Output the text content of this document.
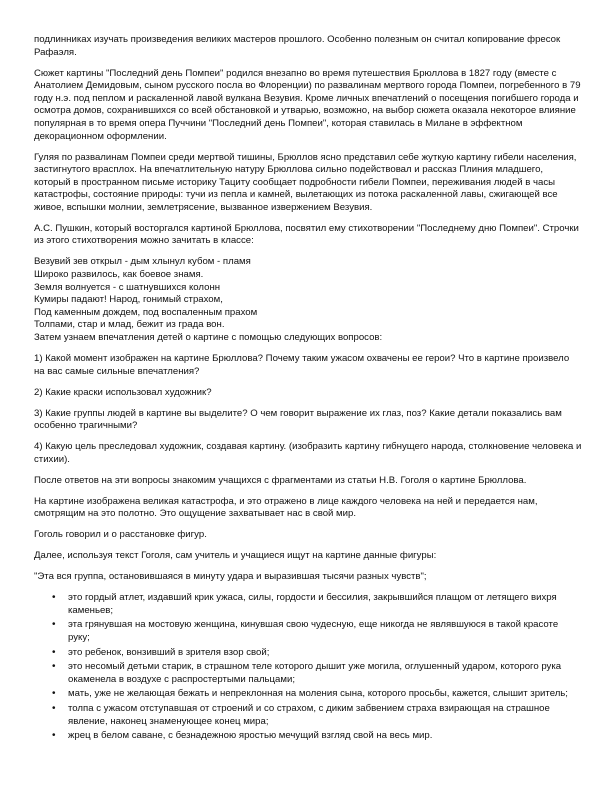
подлинниках изучать произведения великих мастеров прошлого. Особенно полезным он считал копирование фресок Рафаэля.

Сюжет картины "Последний день Помпеи" родился внезапно во время путешествия Брюллова в 1827 году (вместе с Анатолием Демидовым, сыном русского посла во Флоренции) по развалинам мертвого города Помпеи, погребенного в 79 году н.э. под пеплом и раскаленной лавой вулкана Везувия. Кроме личных впечатлений о посещения погибшего города и осмотра домов, сохранившихся со всей обстановкой и утварью, возможно, на выбор сюжета оказала некоторое влияние популярная в то время опера Пуччини "Последний день Помпеи", которая ставилась в Милане в эффектном декорационном оформлении.

Гуляя по развалинам Помпеи среди мертвой тишины, Брюллов ясно представил себе жуткую картину гибели населения, застигнутого врасплох. На впечатлительную натуру Брюллова сильно подействовал и рассказ Плиния младшего, который в пространном письме историку Тациту сообщает подробности гибели Помпеи, переживания людей в часы катастрофы, состояние природы: тучи из пепла и камней, вылетающих из потока раскаленной лавы, сжигающей все живое, вспышки молнии, землетрясение, вызванное извержением Везувия.

А.С. Пушкин, который восторгался картиной Брюллова, посвятил ему стихотворении "Последнему дню Помпеи". Строчки из этого стихотворения можно зачитать в классе:

Везувий зев открыл - дым хлынул кубом - пламя

Широко развилось, как боевое знамя.

Земля волнуется - с шатнувшихся колонн

Кумиры падают! Народ, гонимый страхом,

Под каменным дождем, под воспаленным прахом

Толпами, стар и млад, бежит из града вон.

Затем узнаем впечатления детей о картине с помощью следующих вопросов:

1) Какой момент изображен на картине Брюллова? Почему таким ужасом охвачены ее герои? Что в картине произвело на вас самые сильные впечатления?

2) Какие краски использовал художник?

3) Какие группы людей в картине вы выделите? О чем говорит выражение их глаз, поз? Какие детали показались вам особенно трагичными?

4) Какую цель преследовал художник, создавая картину. (изобразить картину гибнущего народа, столкновение человека и стихии).

После ответов на эти вопросы знакомим учащихся с фрагментами из статьи Н.В. Гоголя о картине Брюллова.

На картине изображена великая катастрофа, и это отражено в лице каждого человека на ней и передается нам, смотрящим на это полотно. Это ощущение захватывает нас в свой мир.

Гоголь говорил и о расстановке фигур.

Далее, используя текст Гоголя, сам учитель и учащиеся ищут на картине данные фигуры:

"Эта вся группа, остановившаяся в минуту удара и выразившая тысячи разных чувств";

• это гордый атлет, издавший крик ужаса, силы, гордости и бессилия, закрывшийся плащом от летящего вихря каменьев;
• эта грянувшая на мостовую женщина, кинувшая свою чудесную, еще никогда не являвшуюся в такой красоте руку;
• это ребенок, вонзивший в зрителя взор свой;
• это несомый детьми старик, в страшном теле которого дышит уже могила, оглушенный ударом, которого рука окаменела в воздухе с распростертыми пальцами;
• мать, уже не желающая бежать и непреклонная на моления сына, которого просьбы, кажется, слышит зритель;
• толпа с ужасом отступавшая от строений и со страхом, с диким забвением страха взирающая на страшное явление, наконец знаменующее конец мира;
• жрец в белом саване, с безнадежною яростью мечущий взгляд свой на весь мир.
